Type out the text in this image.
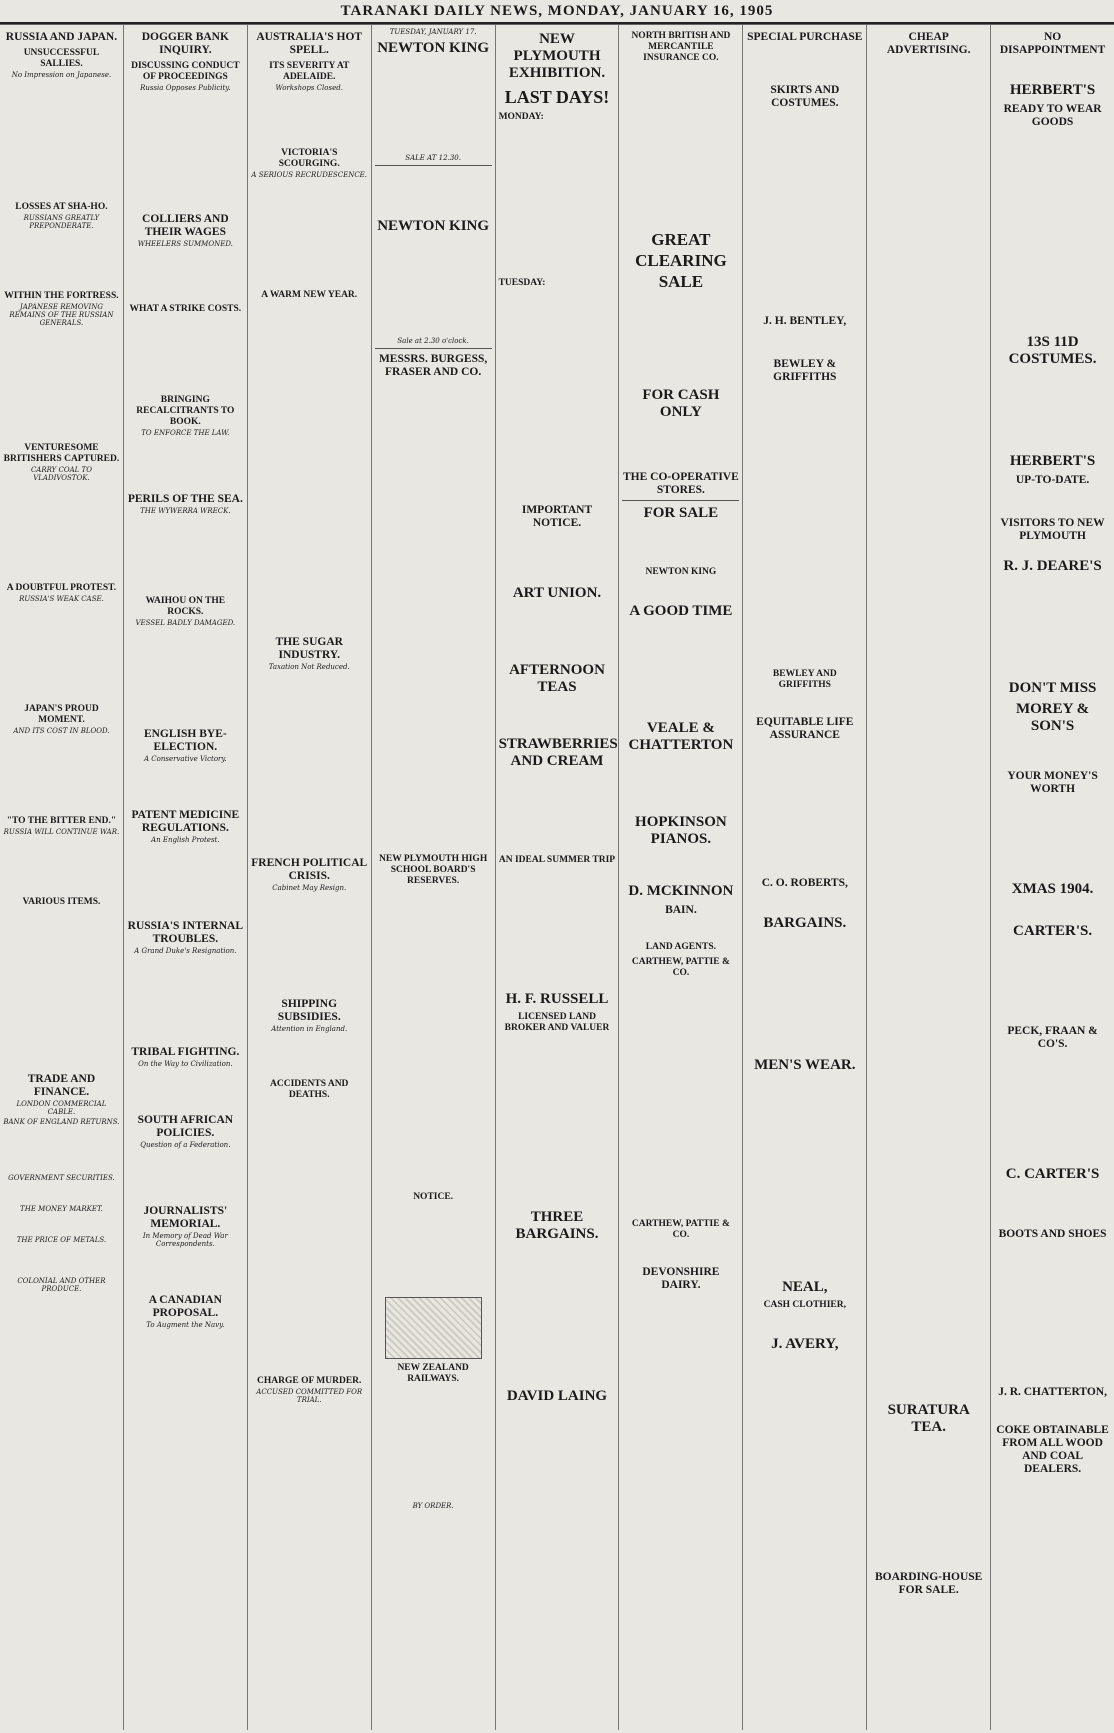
TARANAKI DAILY NEWS, MONDAY, JANUARY 16, 1905
RUSSIA AND JAPAN.
UNSUCCESSFUL SALLIES.
No Impression on Japanese.
LOSSES AT SHA-HO.
RUSSIANS GREATLY PREPONDERATE.
WITHIN THE FORTRESS.
JAPANESE REMOVING REMAINS OF THE RUSSIAN GENERALS.
VENTURESOME BRITISHERS CAPTURED.
CARRY COAL TO VLADIVOSTOK.
A DOUBTFUL PROTEST.
RUSSIA'S WEAK CASE.
JAPAN'S PROUD MOMENT.
AND ITS COST IN BLOOD.
"TO THE BITTER END."
RUSSIA WILL CONTINUE WAR.
VARIOUS ITEMS.
TRADE AND FINANCE.
LONDON COMMERCIAL CABLE.
BANK OF ENGLAND RETURNS.
GOVERNMENT SECURITIES.
THE MONEY MARKET.
THE PRICE OF METALS.
COLONIAL AND OTHER PRODUCE.
DOGGER BANK INQUIRY.
DISCUSSING CONDUCT OF PROCEEDINGS
Russia Opposes Publicity.
COLLIERS AND THEIR WAGES
WHEELERS SUMMONED.
WHAT A STRIKE COSTS.
BRINGING RECALCITRANTS TO BOOK.
TO ENFORCE THE LAW.
PERILS OF THE SEA.
THE WYWERRA WRECK.
WAIHOU ON THE ROCKS.
VESSEL BADLY DAMAGED.
ENGLISH BYE-ELECTION.
A Conservative Victory.
PATENT MEDICINE REGULATIONS.
An English Protest.
RUSSIA'S INTERNAL TROUBLES.
A Grand Duke's Resignation.
TRIBAL FIGHTING.
On the Way to Civilization.
SOUTH AFRICAN POLICIES.
Question of a Federation.
JOURNALISTS' MEMORIAL.
In Memory of Dead War Correspondents.
A CANADIAN PROPOSAL.
To Augment the Navy.
AUSTRALIA'S HOT SPELL.
ITS SEVERITY AT ADELAIDE.
Workshops Closed.
VICTORIA'S SCOURGING.
A SERIOUS RECRUDESCENCE.
A WARM NEW YEAR.
THE SUGAR INDUSTRY.
Taxation Not Reduced.
FRENCH POLITICAL CRISIS.
Cabinet May Resign.
SHIPPING SUBSIDIES.
Attention in England.
ACCIDENTS AND DEATHS.
CHARGE OF MURDER.
ACCUSED COMMITTED FOR TRIAL.
TUESDAY, JANUARY 17.
NEWTON KING
SALE AT 12.30.
NEWTON KING
Sale at 2.30 o'clock.
MESSRS. BURGESS, FRASER AND CO.
NEW PLYMOUTH HIGH SCHOOL BOARD'S RESERVES.
NOTICE.
NEW ZEALAND RAILWAYS.
BY ORDER.
NEW PLYMOUTH EXHIBITION.
LAST DAYS!
MONDAY:
TUESDAY:
IMPORTANT NOTICE.
ART UNION.
AFTERNOON TEAS
STRAWBERRIES AND CREAM
AN IDEAL SUMMER TRIP
H. F. RUSSELL
LICENSED LAND BROKER AND VALUER
THREE BARGAINS.
DAVID LAING
NORTH BRITISH AND MERCANTILE INSURANCE CO.
GREAT CLEARING SALE
FOR CASH ONLY
THE CO-OPERATIVE STORES.
FOR SALE
NEWTON KING
A GOOD TIME
VEALE & CHATTERTON
HOPKINSON PIANOS.
D. MCKINNON
BAIN.
LAND AGENTS.
CARTHEW, PATTIE & CO.
CARTHEW, PATTIE & CO.
DEVONSHIRE DAIRY.
SPECIAL PURCHASE
SKIRTS AND COSTUMES.
J. H. BENTLEY,
BEWLEY & GRIFFITHS
BEWLEY AND GRIFFITHS
EQUITABLE LIFE ASSURANCE
C. O. ROBERTS,
BARGAINS.
MEN'S WEAR.
NEAL,
CASH CLOTHIER,
J. AVERY,
CHEAP ADVERTISING.
SURATURA TEA.
BOARDING-HOUSE FOR SALE.
NO DISAPPOINTMENT
HERBERT'S
READY TO WEAR GOODS
13S 11D COSTUMES.
HERBERT'S
UP-TO-DATE.
VISITORS TO NEW PLYMOUTH
R. J. DEARE'S
DON'T MISS
MOREY & SON'S
YOUR MONEY'S WORTH
XMAS 1904.
CARTER'S.
PECK, FRAAN & CO'S.
C. CARTER'S
BOOTS AND SHOES
J. R. CHATTERTON,
COKE OBTAINABLE FROM ALL WOOD AND COAL DEALERS.
